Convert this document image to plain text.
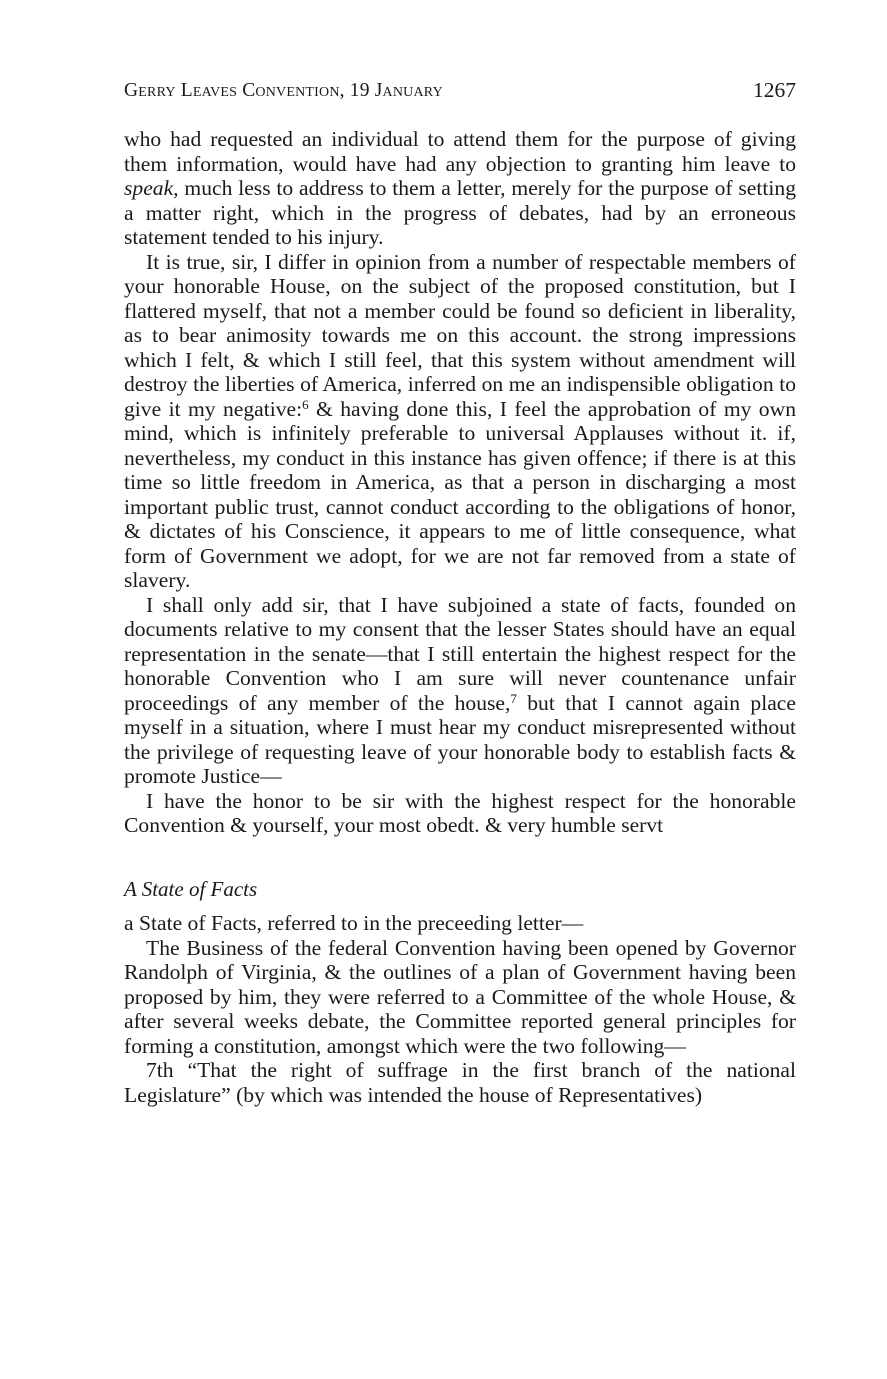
Gerry Leaves Convention, 19 January	1267

who had requested an individual to attend them for the purpose of giving them information, would have had any objection to granting him leave to speak, much less to address to them a letter, merely for the purpose of setting a matter right, which in the progress of debates, had by an erroneous statement tended to his injury.

It is true, sir, I differ in opinion from a number of respectable members of your honorable House, on the subject of the proposed constitution, but I flattered myself, that not a member could be found so deficient in liberality, as to bear animosity towards me on this account. the strong impressions which I felt, & which I still feel, that this system without amendment will destroy the liberties of America, inferred on me an indispensible obligation to give it my negative:$^6$ & having done this, I feel the approbation of my own mind, which is infinitely preferable to universal Applauses without it. if, nevertheless, my conduct in this instance has given offence; if there is at this time so little freedom in America, as that a person in discharging a most important public trust, cannot conduct according to the obligations of honor, & dictates of his Conscience, it appears to me of little consequence, what form of Government we adopt, for we are not far removed from a state of slavery.

I shall only add sir, that I have subjoined a state of facts, founded on documents relative to my consent that the lesser States should have an equal representation in the senate—that I still entertain the highest respect for the honorable Convention who I am sure will never countenance unfair proceedings of any member of the house,$^7$ but that I cannot again place myself in a situation, where I must hear my conduct misrepresented without the privilege of requesting leave of your honorable body to establish facts & promote Justice—

I have the honor to be sir with the highest respect for the honorable Convention & yourself, your most obedt. & very humble servt

A State of Facts

a State of Facts, referred to in the preceeding letter—

The Business of the federal Convention having been opened by Governor Randolph of Virginia, & the outlines of a plan of Government having been proposed by him, they were referred to a Committee of the whole House, & after several weeks debate, the Committee reported general principles for forming a constitution, amongst which were the two following—

7th “That the right of suffrage in the first branch of the national Legislature” (by which was intended the house of Representatives)
